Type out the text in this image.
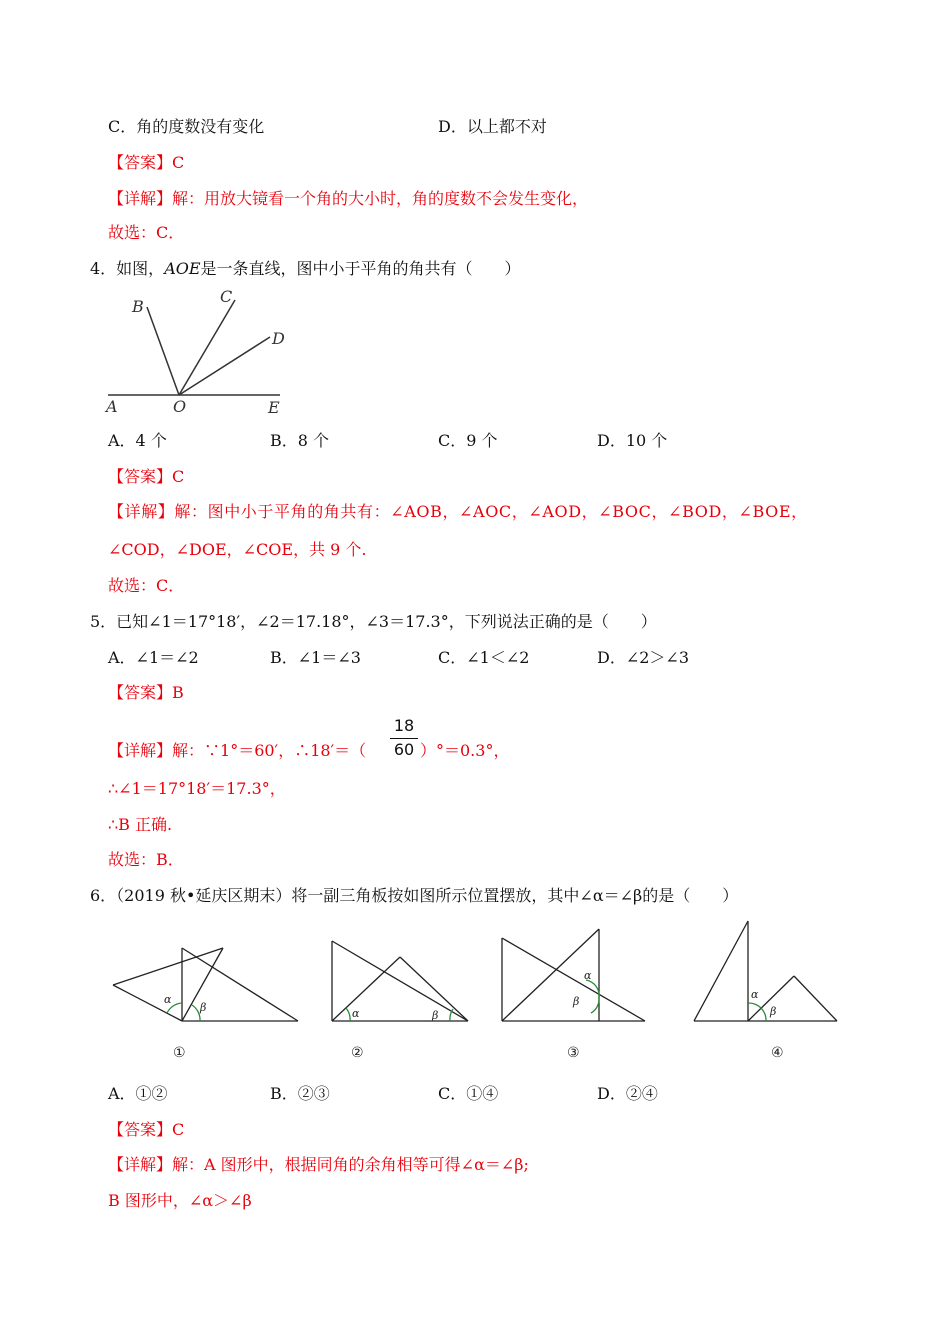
C．角的度数没有变化	D．以上都不对
【答案】C
【详解】解：用放大镜看一个角的大小时，角的度数不会发生变化，
故选：C．
4．如图，AOE是一条直线，图中小于平角的角共有（　　）
A
B
C
D
O	E
A．4 个	B．8 个	C．9 个	D．10 个
【答案】C
【详解】解：图中小于平角的角共有：∠AOB，∠AOC，∠AOD，∠BOC，∠BOD，∠BOE，
∠COD，∠DOE，∠COE，共 9 个.
故选：C．
5．已知∠1＝17°18′，∠2＝17.18°，∠3＝17.3°，下列说法正确的是（　　）
A．∠1＝∠2	B．∠1＝∠3	C．∠1＜∠2	D．∠2＞∠3
【答案】B
【详解】解：∵1°＝60′，∴18′＝（
18
60 ）°＝0.3°，
∴∠1＝17°18′＝17.3°，
∴B 正确.
故选：B．
6．（2019 秋•延庆区期末）将一副三角板按如图所示位置摆放，其中∠α＝∠β的是（　　）
α
β
①
α	β
②
α
β
③
α
β
④
A．①②	B．②③	C．①④	D．②④
【答案】C
【详解】解：A 图形中，根据同角的余角相等可得∠α＝∠β;
B 图形中，∠α＞∠β
